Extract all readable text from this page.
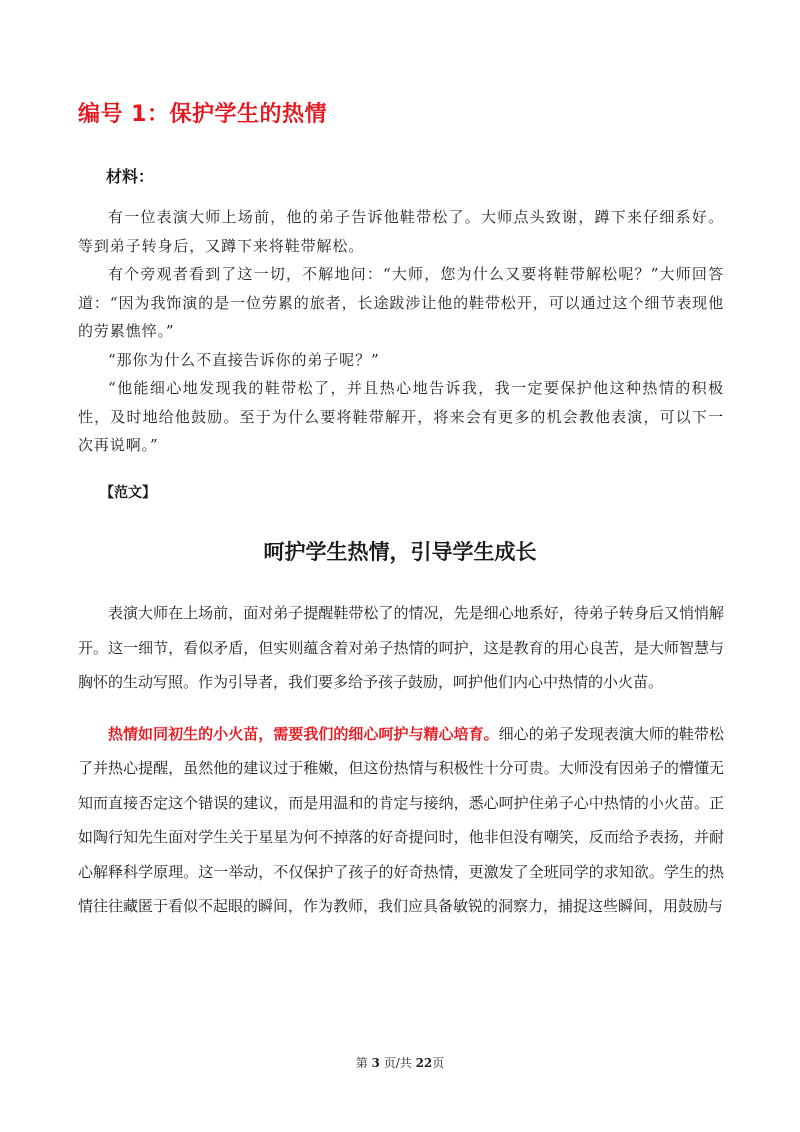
编号 1：保护学生的热情
材料：

有一位表演大师上场前，他的弟子告诉他鞋带松了。大师点头致谢，蹲下来仔细系好。等到弟子转身后，又蹲下来将鞋带解松。

有个旁观者看到了这一切，不解地问：“大师，您为什么又要将鞋带解松呢？”大师回答道：“因为我饰演的是一位劳累的旅者，长途跋涉让他的鞋带松开，可以通过这个细节表现他的劳累憔悴。”

“那你为什么不直接告诉你的弟子呢？”

“他能细心地发现我的鞋带松了，并且热心地告诉我，我一定要保护他这种热情的积极性，及时地给他鼓励。至于为什么要将鞋带解开，将来会有更多的机会教他表演，可以下一次再说啊。”

【范文】
呵护学生热情，引导学生成长

表演大师在上场前，面对弟子提醒鞋带松了的情况，先是细心地系好，待弟子转身后又悄悄解开。这一细节，看似矛盾，但实则蕴含着对弟子热情的呵护，这是教育的用心良苦，是大师智慧与胸怀的生动写照。作为引导者，我们要多给予孩子鼓励，呵护他们内心中热情的小火苗。

热情如同初生的小火苗，需要我们的细心呵护与精心培育。细心的弟子发现表演大师的鞋带松了并热心提醒，虽然他的建议过于稚嫩，但这份热情与积极性十分可贵。大师没有因弟子的懵懂无知而直接否定这个错误的建议，而是用温和的肯定与接纳，悉心呵护住弟子心中热情的小火苗。正如陶行知先生面对学生关于星星为何不掉落的好奇提问时，他非但没有嘲笑，反而给予表扬，并耐心解释科学原理。这一举动，不仅保护了孩子的好奇热情，更激发了全班同学的求知欲。学生的热情往往藏匿于看似不起眼的瞬间，作为教师，我们应具备敏锐的洞察力，捕捉这些瞬间，用鼓励与

第 3 页/共 22页
